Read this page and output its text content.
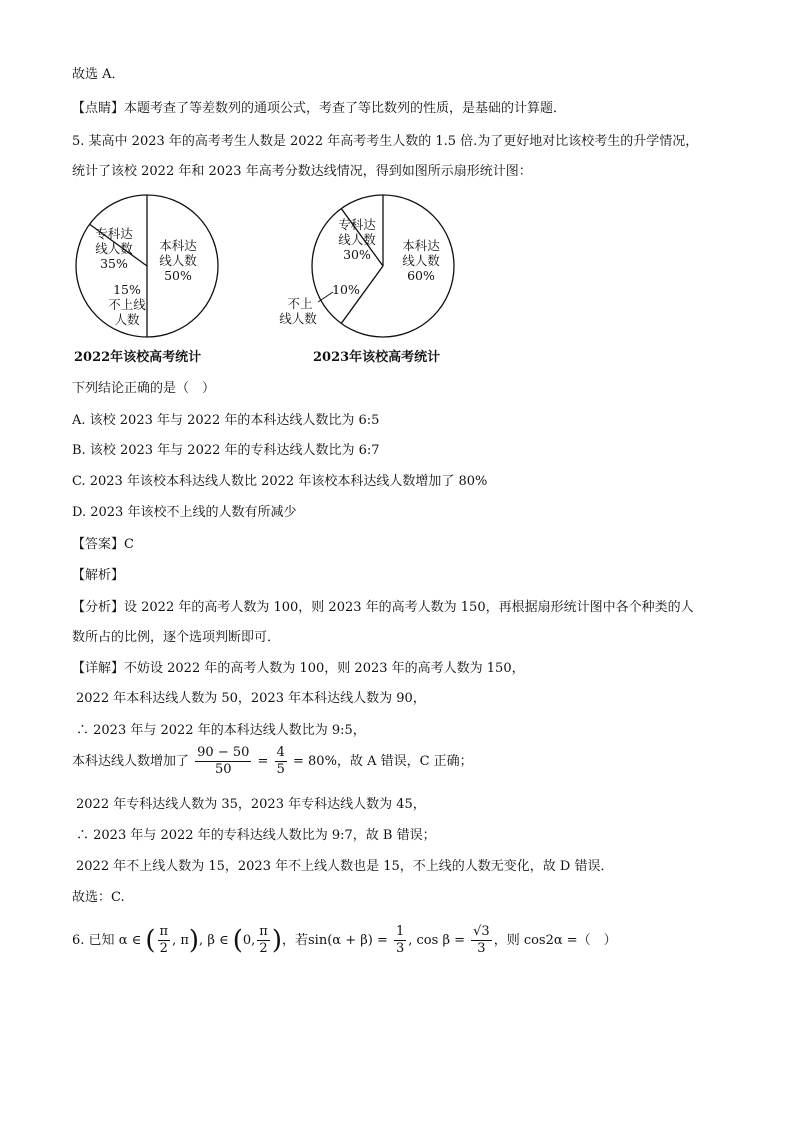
故选 A．
【点睛】本题考查了等差数列的通项公式，考查了等比数列的性质，是基础的计算题．
5. 某高中 2023 年的高考考生人数是 2022 年高考考生人数的 1.5 倍.为了更好地对比该校考生的升学情况，
统计了该校 2022 年和 2023 年高考分数达线情况，得到如图所示扇形统计图：
本科达
线人数
50%
专科达
线人数
35%
15%
不上线
人数
本科达
线人数
60%
专科达
线人数
30%
10%
不上
线人数
2022年该校高考统计	2023年该校高考统计
下列结论正确的是（　）
A. 该校 2023 年与 2022 年的本科达线人数比为 6:5
B. 该校 2023 年与 2022 年的专科达线人数比为 6:7
C. 2023 年该校本科达线人数比 2022 年该校本科达线人数增加了 80%
D. 2023 年该校不上线的人数有所减少
【答案】C
【解析】
【分析】设 2022 年的高考人数为 100，则 2023 年的高考人数为 150，再根据扇形统计图中各个种类的人
数所占的比例，逐个选项判断即可．
【详解】不妨设 2022 年的高考人数为 100，则 2023 年的高考人数为 150，
2022 年本科达线人数为 50，2023 年本科达线人数为 90，
∴ 2023 年与 2022 年的本科达线人数比为 9:5，
本科达线人数增加了 $\frac{90 - 50}{50} = \frac{4}{5} = 80\%$，故 A 错误，C 正确；
2022 年专科达线人数为 35，2023 年专科达线人数为 45，
∴ 2023 年与 2022 年的专科达线人数比为 9:7，故 B 错误；
2022 年不上线人数为 15，2023 年不上线人数也是 15，不上线的人数无变化，故 D 错误．
故选：C.
6. 已知 α ∈ ( $\frac{\pi}{2}$ , π), β ∈ (0, $\frac{\pi}{2}$ )，若$\sin(\alpha + \beta) = \frac{1}{3}$ , $\cos \beta = \frac{√3}{3}$ ，则 cos2α =（　）
